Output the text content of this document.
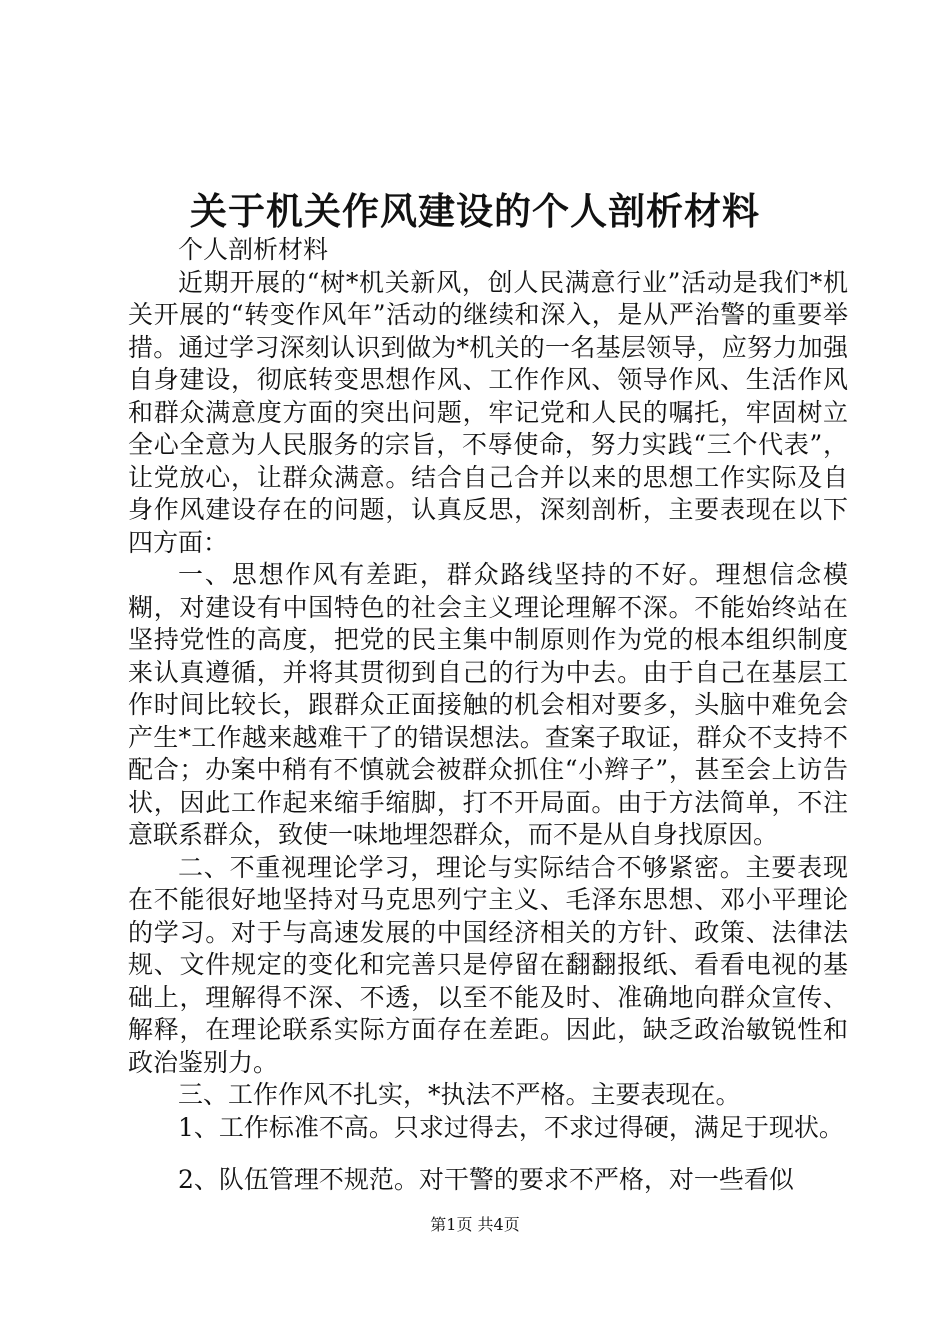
关于机关作风建设的个人剖析材料

个人剖析材料

近期开展的“树*机关新风，创人民满意行业”活动是我们*机关开展的“转变作风年”活动的继续和深入，是从严治警的重要举措。通过学习深刻认识到做为*机关的一名基层领导，应努力加强自身建设，彻底转变思想作风、工作作风、领导作风、生活作风和群众满意度方面的突出问题，牢记党和人民的嘱托，牢固树立全心全意为人民服务的宗旨，不辱使命，努力实践“三个代表”，让党放心，让群众满意。结合自己合并以来的思想工作实际及自身作风建设存在的问题，认真反思，深刻剖析，主要表现在以下四方面：

一、思想作风有差距，群众路线坚持的不好。理想信念模糊，对建设有中国特色的社会主义理论理解不深。不能始终站在坚持党性的高度，把党的民主集中制原则作为党的根本组织制度来认真遵循，并将其贯彻到自己的行为中去。由于自己在基层工作时间比较长，跟群众正面接触的机会相对要多，头脑中难免会产生*工作越来越难干了的错误想法。查案子取证，群众不支持不配合；办案中稍有不慎就会被群众抓住“小辫子”，甚至会上访告状，因此工作起来缩手缩脚，打不开局面。由于方法简单，不注意联系群众，致使一味地埋怨群众，而不是从自身找原因。

二、不重视理论学习，理论与实际结合不够紧密。主要表现在不能很好地坚持对马克思列宁主义、毛泽东思想、邓小平理论的学习。对于与高速发展的中国经济相关的方针、政策、法律法规、文件规定的变化和完善只是停留在翻翻报纸、看看电视的基础上，理解得不深、不透，以至不能及时、准确地向群众宣传、解释，在理论联系实际方面存在差距。因此，缺乏政治敏锐性和政治鉴别力。

三、工作作风不扎实，*执法不严格。主要表现在。

1、工作标准不高。只求过得去，不求过得硬，满足于现状。

2、队伍管理不规范。对干警的要求不严格，对一些看似

第1页 共4页
